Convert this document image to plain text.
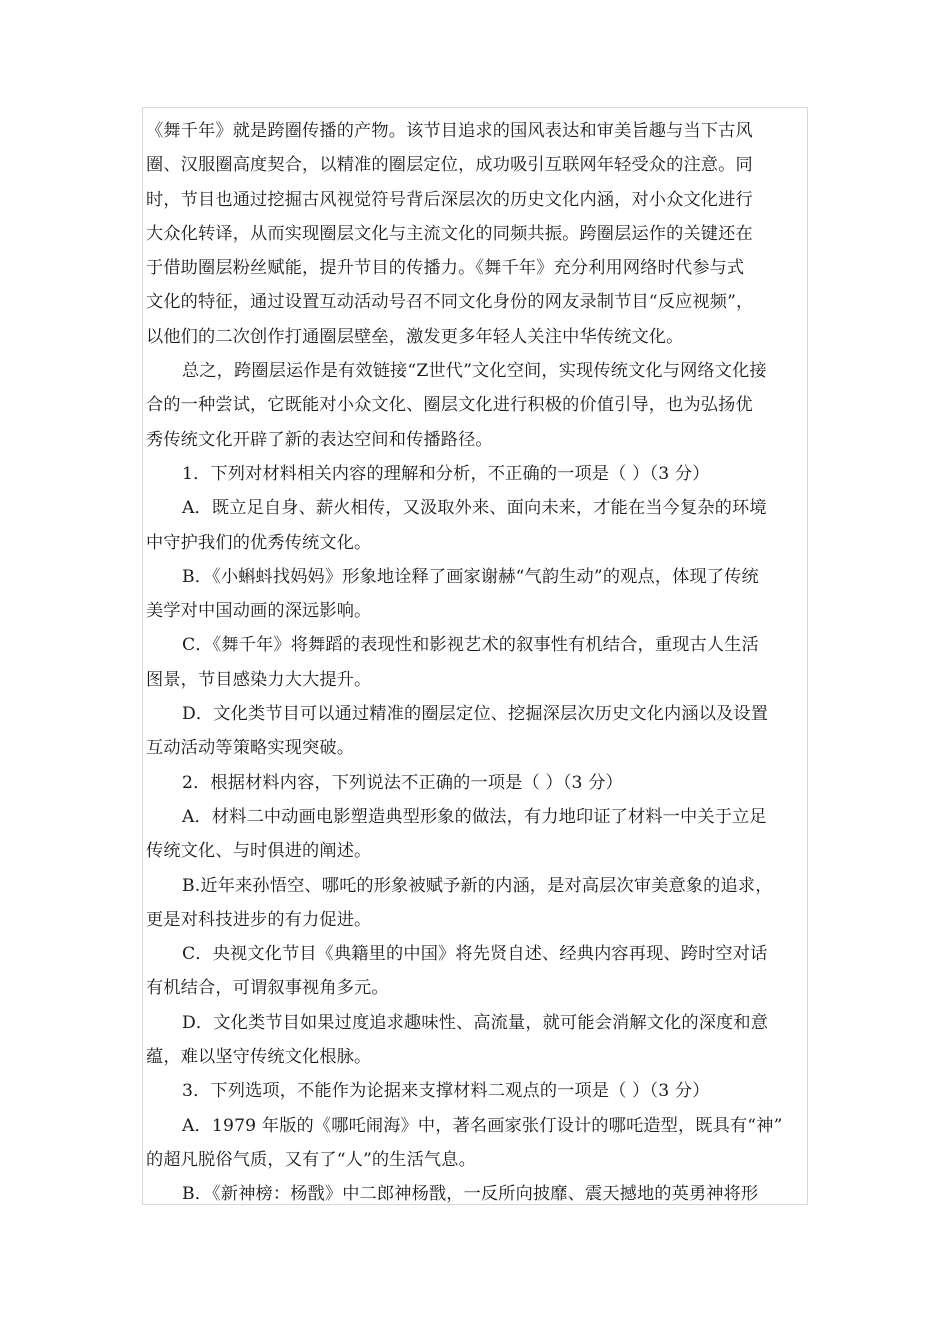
《舞千年》就是跨圈传播的产物。该节目追求的国风表达和审美旨趣与当下古风
圈、汉服圈高度契合，以精准的圈层定位，成功吸引互联网年轻受众的注意。同
时，节目也通过挖掘古风视觉符号背后深层次的历史文化内涵，对小众文化进行
大众化转译，从而实现圈层文化与主流文化的同频共振。跨圈层运作的关键还在
于借助圈层粉丝赋能，提升节目的传播力。《舞千年》充分利用网络时代参与式
文化的特征，通过设置互动活动号召不同文化身份的网友录制节目“反应视频”，
以他们的二次创作打通圈层壁垒，激发更多年轻人关注中华传统文化。
总之，跨圈层运作是有效链接“Z世代”文化空间，实现传统文化与网络文化接
合的一种尝试，它既能对小众文化、圈层文化进行积极的价值引导，也为弘扬优
秀传统文化开辟了新的表达空间和传播路径。
1．下列对材料相关内容的理解和分析，不正确的一项是（ ）（3 分）
A．既立足自身、薪火相传，又汲取外来、面向未来，才能在当今复杂的环境
中守护我们的优秀传统文化。
B．《小蝌蚪找妈妈》形象地诠释了画家谢赫“气韵生动”的观点，体现了传统
美学对中国动画的深远影响。
C．《舞千年》将舞蹈的表现性和影视艺术的叙事性有机结合，重现古人生活
图景，节目感染力大大提升。
D．文化类节目可以通过精准的圈层定位、挖掘深层次历史文化内涵以及设置
互动活动等策略实现突破。
2．根据材料内容，下列说法不正确的一项是（ ）（3 分）
A．材料二中动画电影塑造典型形象的做法，有力地印证了材料一中关于立足
传统文化、与时俱进的阐述。
B.近年来孙悟空、哪吒的形象被赋予新的内涵，是对高层次审美意象的追求，
更是对科技进步的有力促进。
C．央视文化节目《典籍里的中国》将先贤自述、经典内容再现、跨时空对话
有机结合，可谓叙事视角多元。
D．文化类节目如果过度追求趣味性、高流量，就可能会消解文化的深度和意
蕴，难以坚守传统文化根脉。
3．下列选项，不能作为论据来支撑材料二观点的一项是（ ）（3 分）
A．1979 年版的《哪吒闹海》中，著名画家张仃设计的哪吒造型，既具有“神”
的超凡脱俗气质，又有了“人”的生活气息。
B．《新神榜：杨戬》中二郎神杨戬，一反所向披靡、震天撼地的英勇神将形
